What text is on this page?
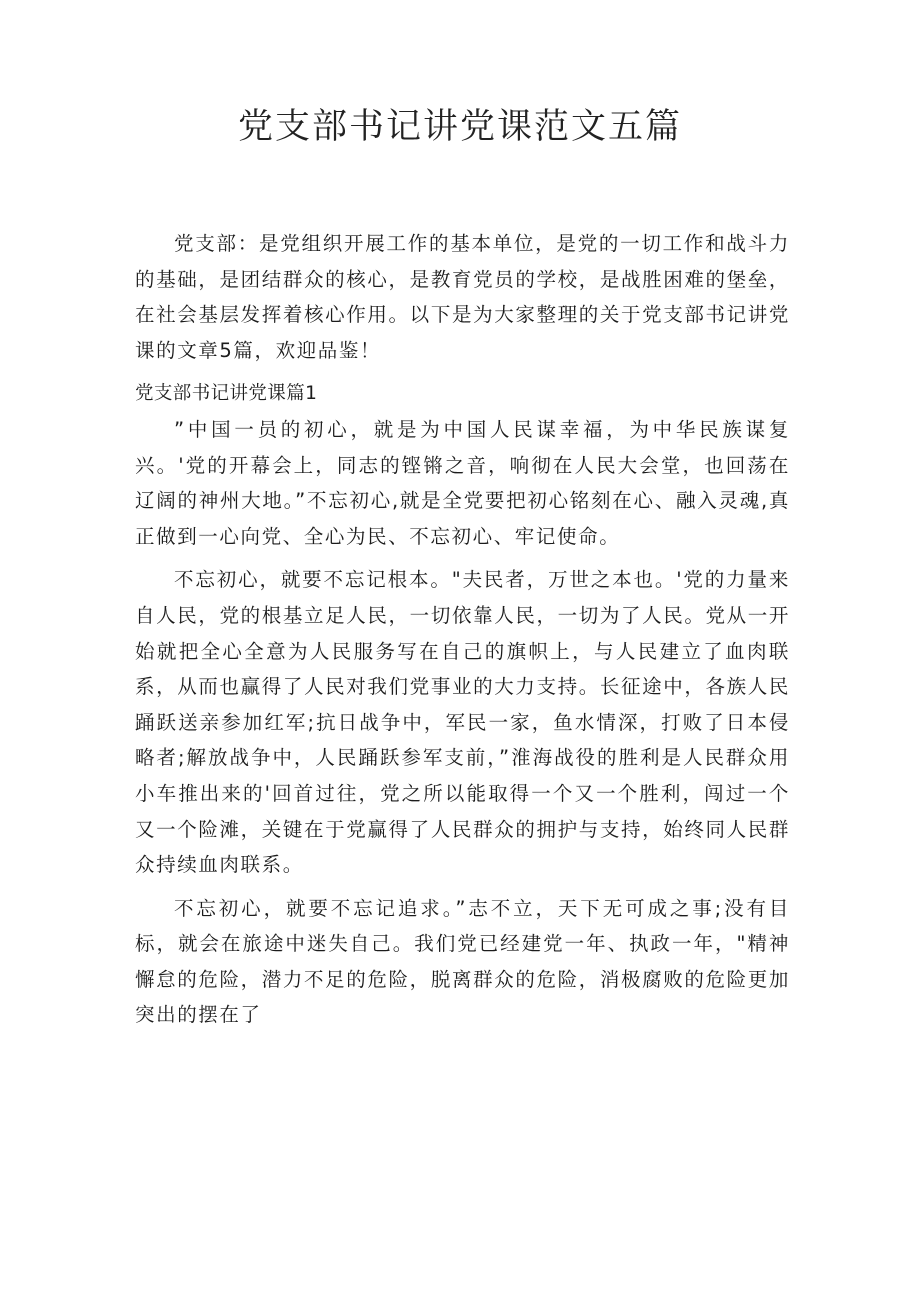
党支部书记讲党课范文五篇

党支部：是党组织开展工作的基本单位，是党的一切工作和战斗力的基础，是团结群众的核心，是教育党员的学校，是战胜困难的堡垒，在社会基层发挥着核心作用。以下是为大家整理的关于党支部书记讲党课的文章5篇，欢迎品鉴！

党支部书记讲党课篇1

”中国一员的初心，就是为中国人民谋幸福，为中华民族谋复兴。'党的开幕会上，同志的铿锵之音，响彻在人民大会堂，也回荡在辽阔的神州大地。”不忘初心,就是全党要把初心铭刻在心、融入灵魂,真正做到一心向党、全心为民、不忘初心、牢记使命。

不忘初心，就要不忘记根本。"夫民者，万世之本也。'党的力量来自人民，党的根基立足人民，一切依靠人民，一切为了人民。党从一开始就把全心全意为人民服务写在自己的旗帜上，与人民建立了血肉联系，从而也赢得了人民对我们党事业的大力支持。长征途中，各族人民踊跃送亲参加红军;抗日战争中，军民一家，鱼水情深，打败了日本侵略者;解放战争中，人民踊跃参军支前，”淮海战役的胜利是人民群众用小车推出来的'回首过往，党之所以能取得一个又一个胜利，闯过一个又一个险滩，关键在于党赢得了人民群众的拥护与支持，始终同人民群众持续血肉联系。

不忘初心，就要不忘记追求。”志不立，天下无可成之事;没有目标，就会在旅途中迷失自己。我们党已经建党一年、执政一年，"精神懈怠的危险，潜力不足的危险，脱离群众的危险，消极腐败的危险更加突出的摆在了
